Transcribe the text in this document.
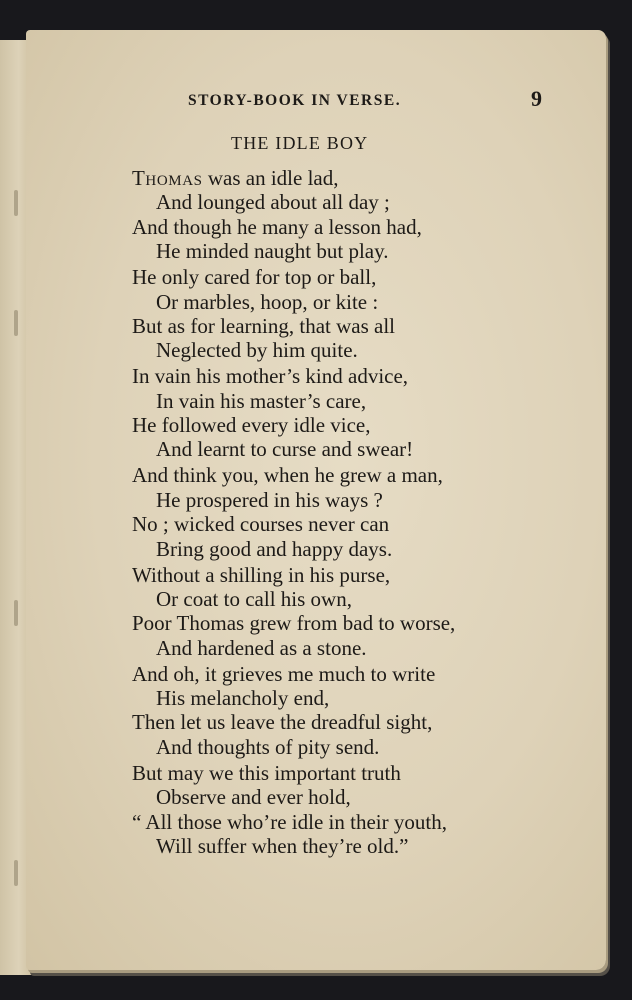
STORY-BOOK IN VERSE.	9

THE IDLE BOY

Thomas was an idle lad,

And lounged about all day ;

And though he many a lesson had,

He minded naught but play.

He only cared for top or ball,

Or marbles, hoop, or kite :

But as for learning, that was all

Neglected by him quite.

In vain his mother’s kind advice,

In vain his master’s care,

He followed every idle vice,

And learnt to curse and swear!

And think you, when he grew a man,

He prospered in his ways ?

No ; wicked courses never can

Bring good and happy days.

Without a shilling in his purse,

Or coat to call his own,

Poor Thomas grew from bad to worse,

And hardened as a stone.

And oh, it grieves me much to write

His melancholy end,

Then let us leave the dreadful sight,

And thoughts of pity send.

But may we this important truth

Observe and ever hold,

“ All those who’re idle in their youth,

Will suffer when they’re old.”
